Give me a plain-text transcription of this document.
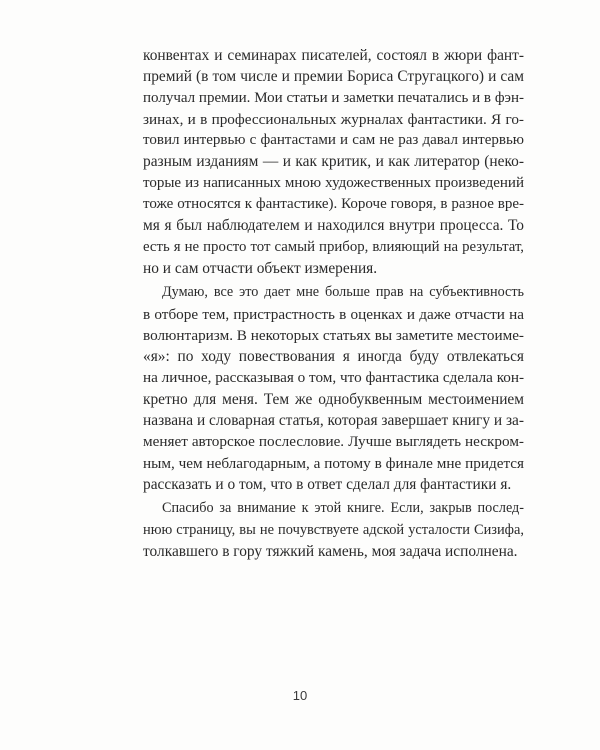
конвентах и семинарах писателей, состоял в жюри фант-
премий (в том числе и премии Бориса Стругацкого) и сам
получал премии. Мои статьи и заметки печатались и в фэн-
зинах, и в профессиональных журналах фантастики. Я го-
товил интервью с фантастами и сам не раз давал интервью
разным изданиям — и как критик, и как литератор (неко-
торые из написанных мною художественных произведений
тоже относятся к фантастике). Короче говоря, в разное вре-
мя я был наблюдателем и находился внутри процесса. То
есть я не просто тот самый прибор, влияющий на результат,
но и сам отчасти объект измерения.
Думаю, все это дает мне больше прав на субъективность
в отборе тем, пристрастность в оценках и даже отчасти на
волюнтаризм. В некоторых статьях вы заметите местоиме-
«я»: по ходу повествования я иногда буду отвлекаться
на личное, рассказывая о том, что фантастика сделала кон-
кретно для меня. Тем же однобуквенным местоимением
названа и словарная статья, которая завершает книгу и за-
меняет авторское послесловие. Лучше выглядеть нескром-
ным, чем неблагодарным, а потому в финале мне придется
рассказать и о том, что в ответ сделал для фантастики я.
Спасибо за внимание к этой книге. Если, закрыв послед-
нюю страницу, вы не почувствуете адской усталости Сизифа,
толкавшего в гору тяжкий камень, моя задача исполнена.
10
